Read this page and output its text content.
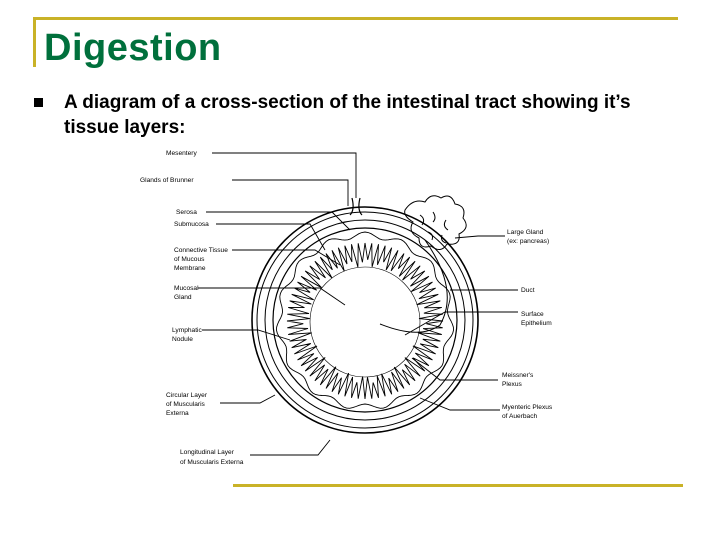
Digestion
A diagram of a cross-section of the intestinal tract showing it’s tissue layers:
Mesentery
Glands of Brunner
Serosa
Submucosa
Connective Tissue
of Mucous
Membrane
Mucosal
Gland
Lymphatic
Nodule
Circular Layer
of Muscularis
Externa
Longitudinal Layer
of Muscularis Externa
Large Gland
(ex: pancreas)
Duct
Surface
Epithelium
Meissner's
Plexus
Myenteric Plexus
of Auerbach
